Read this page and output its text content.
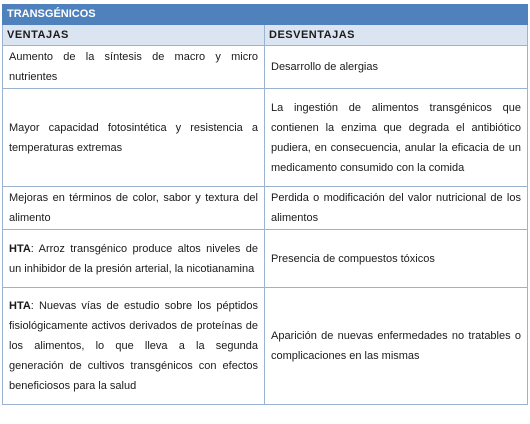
TRANSGÉNICOS	
VENTAJAS	DESVENTAJAS
Aumento de la síntesis de macro y micro nutrientes	Desarrollo de alergias
Mayor capacidad fotosintética y resistencia a temperaturas extremas	La ingestión de alimentos transgénicos que contienen la enzima que degrada el antibiótico pudiera, en consecuencia, anular la eficacia de un medicamento consumido con la comida
Mejoras en términos de color, sabor y textura del alimento	Perdida o modificación del valor nutricional de los alimentos
HTA: Arroz transgénico produce altos niveles de un inhibidor de la presión arterial, la nicotianamina	Presencia de compuestos tóxicos
HTA: Nuevas vías de estudio sobre los péptidos fisiológicamente activos derivados de proteínas de los alimentos, lo que lleva a la segunda generación de cultivos transgénicos con efectos beneficiosos para la salud	Aparición de nuevas enfermedades no tratables o complicaciones en las mismas
